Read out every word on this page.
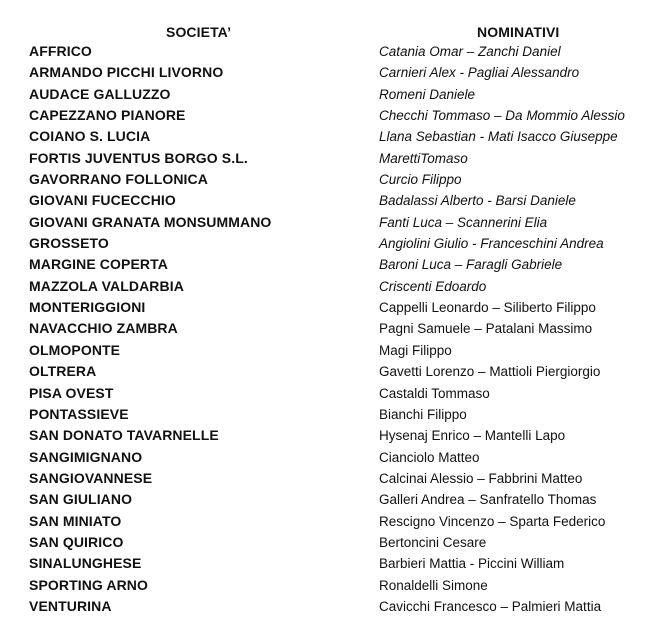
SOCIETA’	NOMINATIVI
AFFRICO	Catania Omar – Zanchi Daniel
ARMANDO PICCHI LIVORNO	Carnieri Alex - Pagliai Alessandro
AUDACE GALLUZZO	Romeni Daniele
CAPEZZANO PIANORE	Checchi Tommaso – Da Mommio Alessio
COIANO S. LUCIA	Llana Sebastian - Mati Isacco Giuseppe
FORTIS JUVENTUS BORGO S.L.	MarettiTomaso
GAVORRANO FOLLONICA	Curcio Filippo
GIOVANI FUCECCHIO	Badalassi Alberto - Barsi Daniele
GIOVANI GRANATA MONSUMMANO	Fanti Luca – Scannerini Elia
GROSSETO	Angiolini Giulio - Franceschini Andrea
MARGINE COPERTA	Baroni Luca – Faragli Gabriele
MAZZOLA VALDARBIA	Criscenti Edoardo
MONTERIGGIONI	Cappelli Leonardo – Siliberto Filippo
NAVACCHIO ZAMBRA	Pagni Samuele – Patalani Massimo
OLMOPONTE	Magi Filippo
OLTRERA	Gavetti Lorenzo – Mattioli Piergiorgio
PISA OVEST	Castaldi Tommaso
PONTASSIEVE	Bianchi Filippo
SAN DONATO TAVARNELLE	Hysenaj Enrico – Mantelli Lapo
SANGIMIGNANO	Cianciolo Matteo
SANGIOVANNESE	Calcinai Alessio – Fabbrini Matteo
SAN GIULIANO	Galleri Andrea – Sanfratello Thomas
SAN MINIATO	Rescigno Vincenzo – Sparta Federico
SAN QUIRICO	Bertoncini Cesare
SINALUNGHESE	Barbieri Mattia - Piccini William
SPORTING ARNO	Ronaldelli Simone
VENTURINA	Cavicchi Francesco – Palmieri Mattia
